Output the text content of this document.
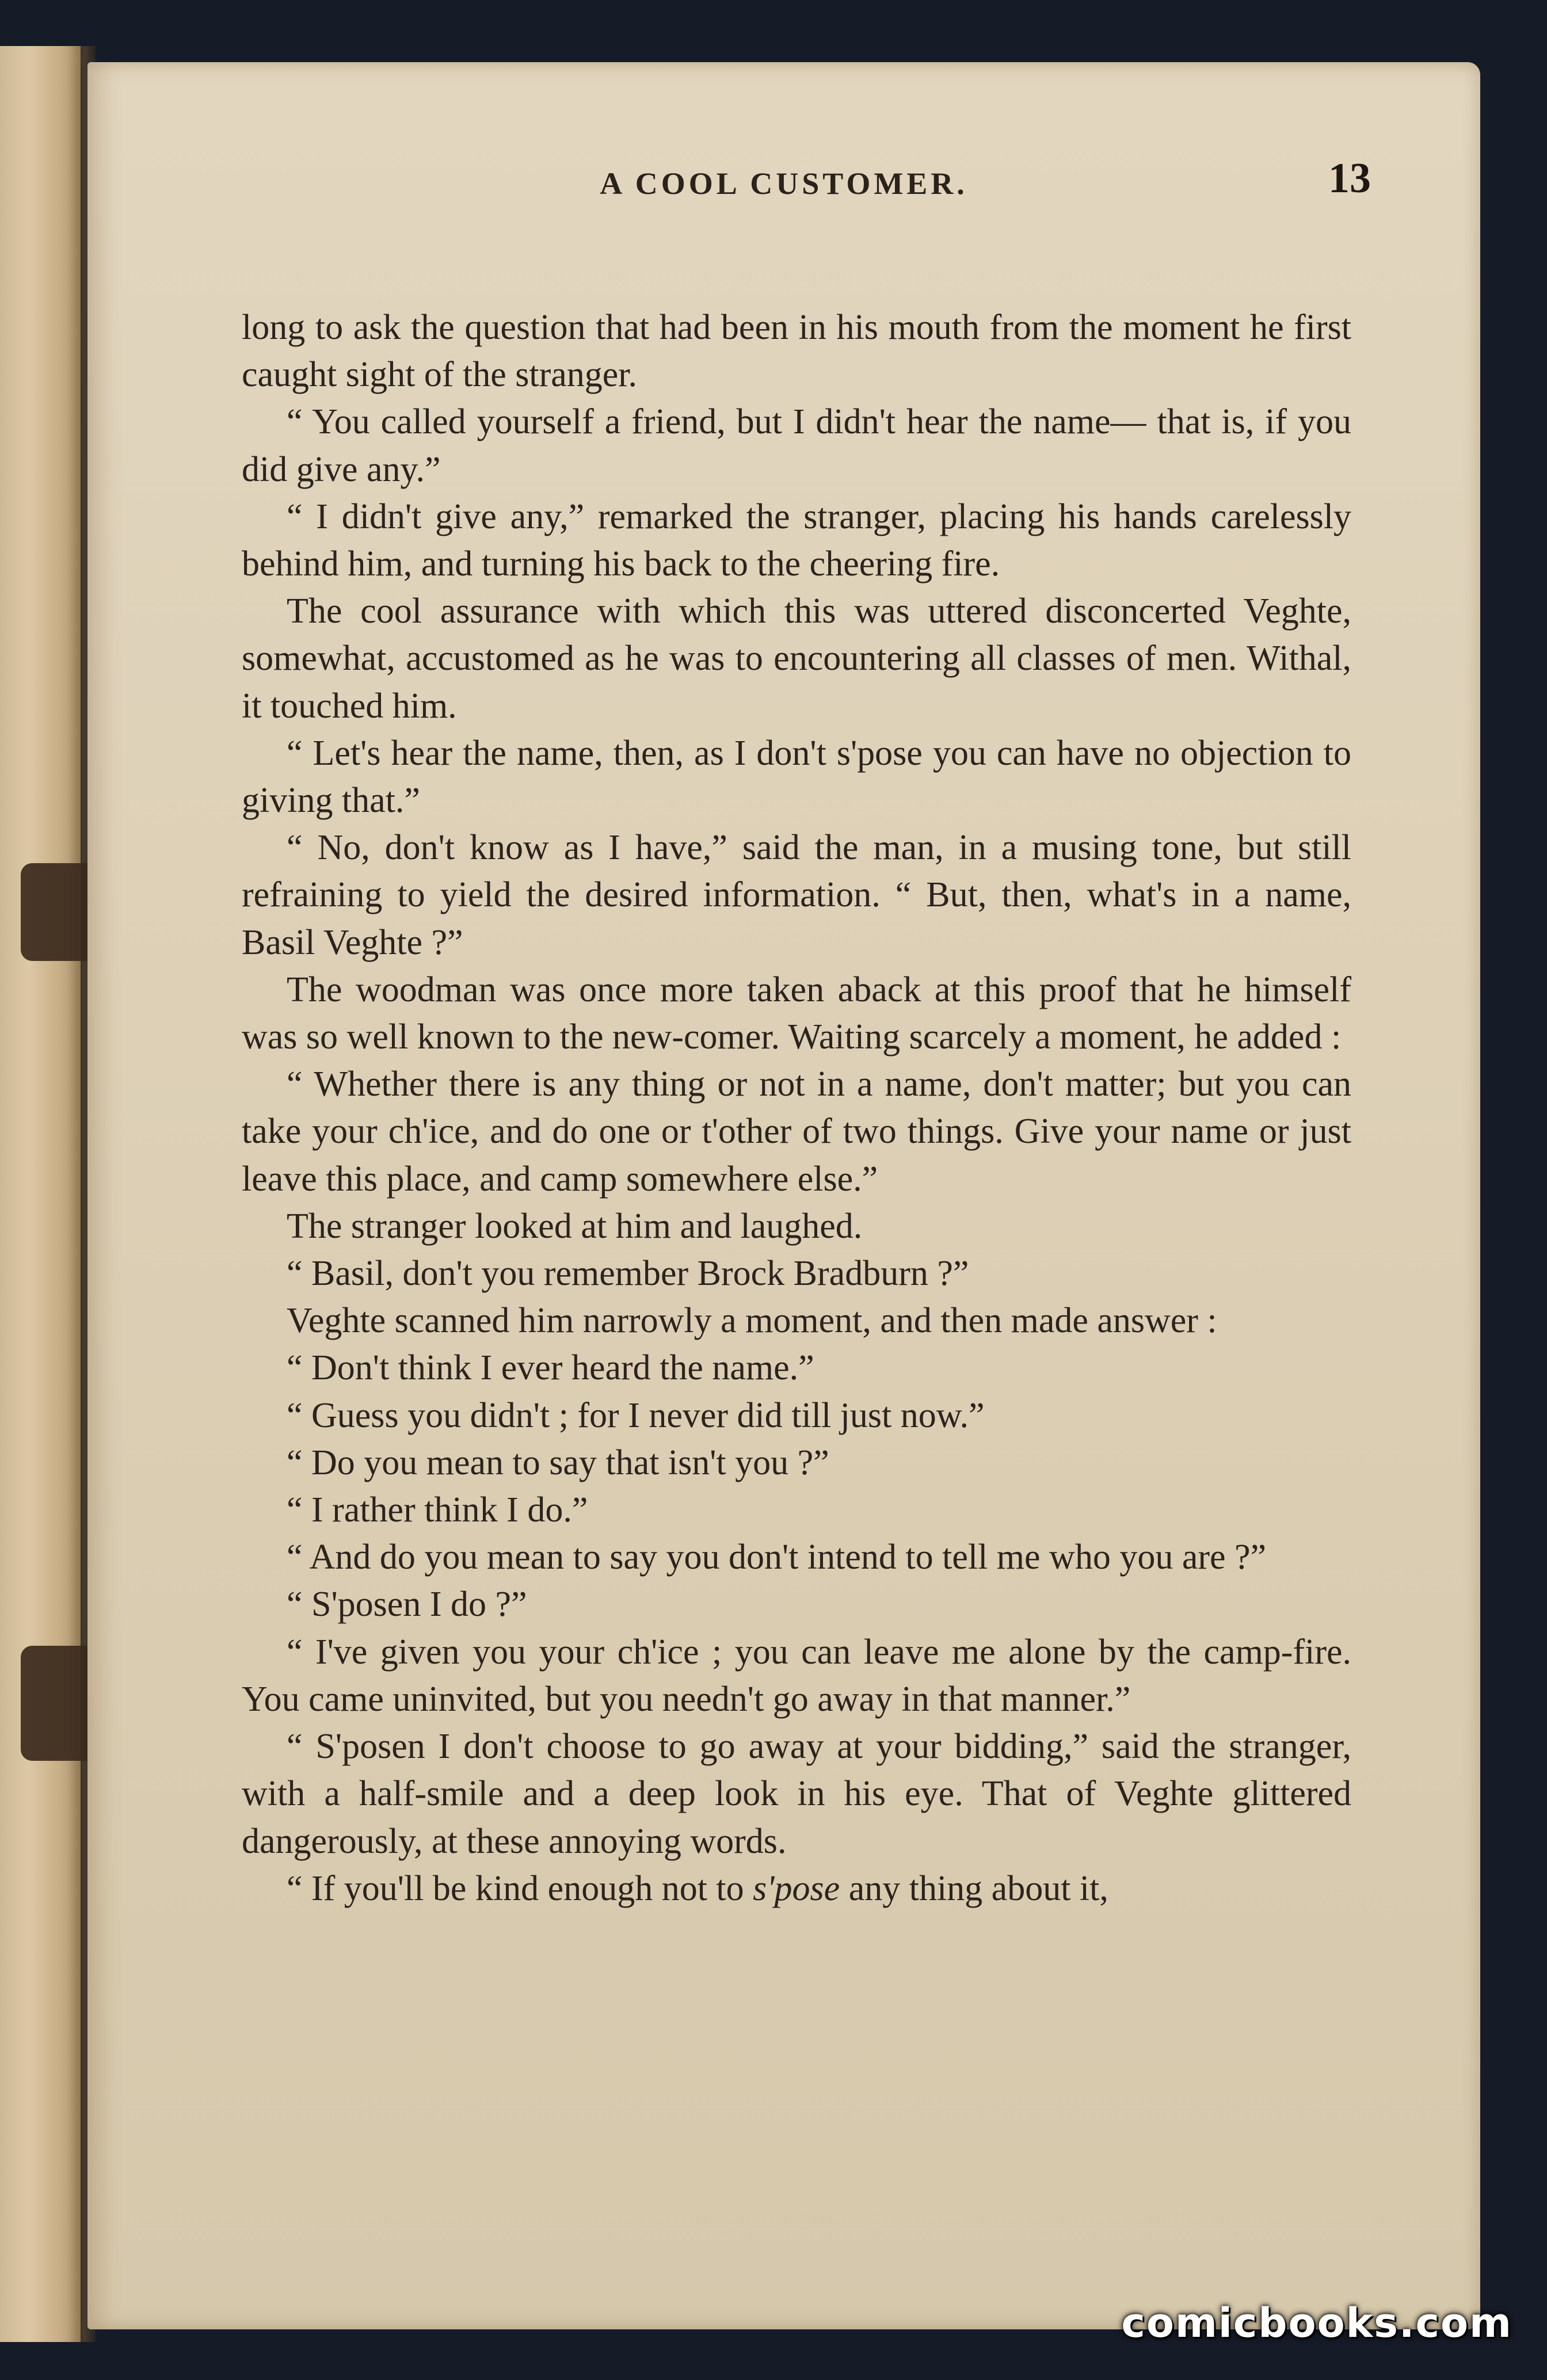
A COOL CUSTOMER.	13

long to ask the question that had been in his mouth from the moment he first caught sight of the stranger.

“ You called yourself a friend, but I didn't hear the name— that is, if you did give any.”

“ I didn't give any,” remarked the stranger, placing his hands carelessly behind him, and turning his back to the cheering fire.

The cool assurance with which this was uttered disconcerted Veghte, somewhat, accustomed as he was to encountering all classes of men. Withal, it touched him.

“ Let's hear the name, then, as I don't s'pose you can have no objection to giving that.”

“ No, don't know as I have,” said the man, in a musing tone, but still refraining to yield the desired information. “ But, then, what's in a name, Basil Veghte ?”

The woodman was once more taken aback at this proof that he himself was so well known to the new-comer. Waiting scarcely a moment, he added :

“ Whether there is any thing or not in a name, don't matter; but you can take your ch'ice, and do one or t'other of two things. Give your name or just leave this place, and camp somewhere else.”

The stranger looked at him and laughed.

“ Basil, don't you remember Brock Bradburn ?”

Veghte scanned him narrowly a moment, and then made answer :

“ Don't think I ever heard the name.”

“ Guess you didn't ; for I never did till just now.”

“ Do you mean to say that isn't you ?”

“ I rather think I do.”

“ And do you mean to say you don't intend to tell me who you are ?”

“ S'posen I do ?”

“ I've given you your ch'ice ; you can leave me alone by the camp-fire. You came uninvited, but you needn't go away in that manner.”

“ S'posen I don't choose to go away at your bidding,” said the stranger, with a half-smile and a deep look in his eye. That of Veghte glittered dangerously, at these annoying words.

“ If you'll be kind enough not to s'pose any thing about it,

comicbooks.com
